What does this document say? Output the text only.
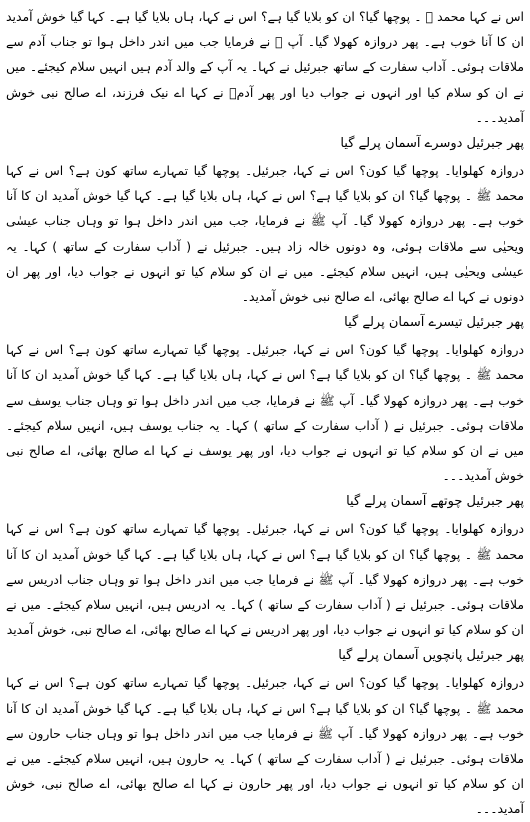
اس نے کہا محمد ﷺ ۔ پوچھا گیا؟ ان کو بلایا گیا ہے؟ اس نے کہا، ہاں بلایا گیا ہے۔ کہا گیا خوش آمدید ان کا آنا خوب ہے۔ پھر دروازہ کھولا گیا۔ آپ ﷺ نے فرمایا جب میں اندر داخل ہوا تو جناب آدم سے ملاقات ہوئی۔ آداب سفارت کے ساتھ جبرئیل نے کہا۔ یہ آپ کے والد آدم ہیں انہیں سلام کیجئے۔ میں نے ان کو سلام کیا اور انہوں نے جواب دیا اور پھر آدمؑ نے کہا اے نیک فرزند، اے صالح نبی خوش آمدید۔۔۔

پھر جبرئیل دوسرے آسمان پرلے گیا

دروازہ کھلوایا۔ پوچھا گیا کون؟ اس نے کہا، جبرئیل۔ پوچھا گیا تمہارے ساتھ کون ہے؟ اس نے کہا محمد ﷺ ۔ پوچھا گیا؟ ان کو بلایا گیا ہے؟ اس نے کہا، ہاں بلایا گیا ہے۔ کہا گیا خوش آمدید ان کا آنا خوب ہے۔ پھر دروازہ کھولا گیا۔ آپ ﷺ نے فرمایا، جب میں اندر داخل ہوا تو وہاں جناب عیسٰی ویحیٰی سے ملاقات ہوئی، وہ دونوں خالہ زاد ہیں۔ جبرئیل نے ( آداب سفارت کے ساتھ ) کہا۔ یہ عیسٰی ویحیٰی ہیں، انہیں سلام کیجئے۔ میں نے ان کو سلام کیا تو انہوں نے جواب دیا، اور پھر ان دونوں نے کہا اے صالح بھائی، اے صالح نبی خوش آمدید۔

پھر جبرئیل تیسرے آسمان پرلے گیا

دروازہ کھلوایا۔ پوچھا گیا کون؟ اس نے کہا، جبرئیل۔ پوچھا گیا تمہارے ساتھ کون ہے؟ اس نے کہا محمد ﷺ ۔ پوچھا گیا؟ ان کو بلایا گیا ہے؟ اس نے کہا، ہاں بلایا گیا ہے۔ کہا گیا خوش آمدید ان کا آنا خوب ہے۔ پھر دروازہ کھولا گیا۔ آپ ﷺ نے فرمایا، جب میں اندر داخل ہوا تو وہاں جناب یوسف سے ملاقات ہوئی۔ جبرئیل نے ( آداب سفارت کے ساتھ ) کہا۔ یہ جناب یوسف ہیں، انہیں سلام کیجئے۔ میں نے ان کو سلام کیا تو انہوں نے جواب دیا، اور پھر یوسف نے کہا اے صالح بھائی، اے صالح نبی خوش آمدید۔۔۔

پھر جبرئیل چوتھے آسمان پرلے گیا

دروازہ کھلوایا۔ پوچھا گیا کون؟ اس نے کہا، جبرئیل۔ پوچھا گیا تمہارے ساتھ کون ہے؟ اس نے کہا محمد ﷺ ۔ پوچھا گیا؟ ان کو بلایا گیا ہے؟ اس نے کہا، ہاں بلایا گیا ہے۔ کہا گیا خوش آمدید ان کا آنا خوب ہے۔ پھر دروازہ کھولا گیا۔ آپ ﷺ نے فرمایا جب میں اندر داخل ہوا تو وہاں جناب ادریس سے ملاقات ہوئی۔ جبرئیل نے ( آداب سفارت کے ساتھ ) کہا۔ یہ ادریس ہیں، انہیں سلام کیجئے۔ میں نے ان کو سلام کیا تو انہوں نے جواب دیا، اور پھر ادریس نے کہا اے صالح بھائی، اے صالح نبی، خوش آمدید

پھر جبرئیل پانچویں آسمان پرلے گیا

دروازہ کھلوایا۔ پوچھا گیا کون؟ اس نے کہا، جبرئیل۔ پوچھا گیا تمہارے ساتھ کون ہے؟ اس نے کہا محمد ﷺ ۔ پوچھا گیا؟ ان کو بلایا گیا ہے؟ اس نے کہا، ہاں بلایا گیا ہے۔ کہا گیا خوش آمدید ان کا آنا خوب ہے۔ پھر دروازہ کھولا گیا۔ آپ ﷺ نے فرمایا جب میں اندر داخل ہوا تو وہاں جناب حارون سے ملاقات ہوئی۔ جبرئیل نے ( آداب سفارت کے ساتھ ) کہا۔ یہ حارون ہیں، انہیں سلام کیجئے۔ میں نے ان کو سلام کیا تو انہوں نے جواب دیا، اور پھر حارون نے کہا اے صالح بھائی، اے صالح نبی، خوش آمدید۔۔۔
